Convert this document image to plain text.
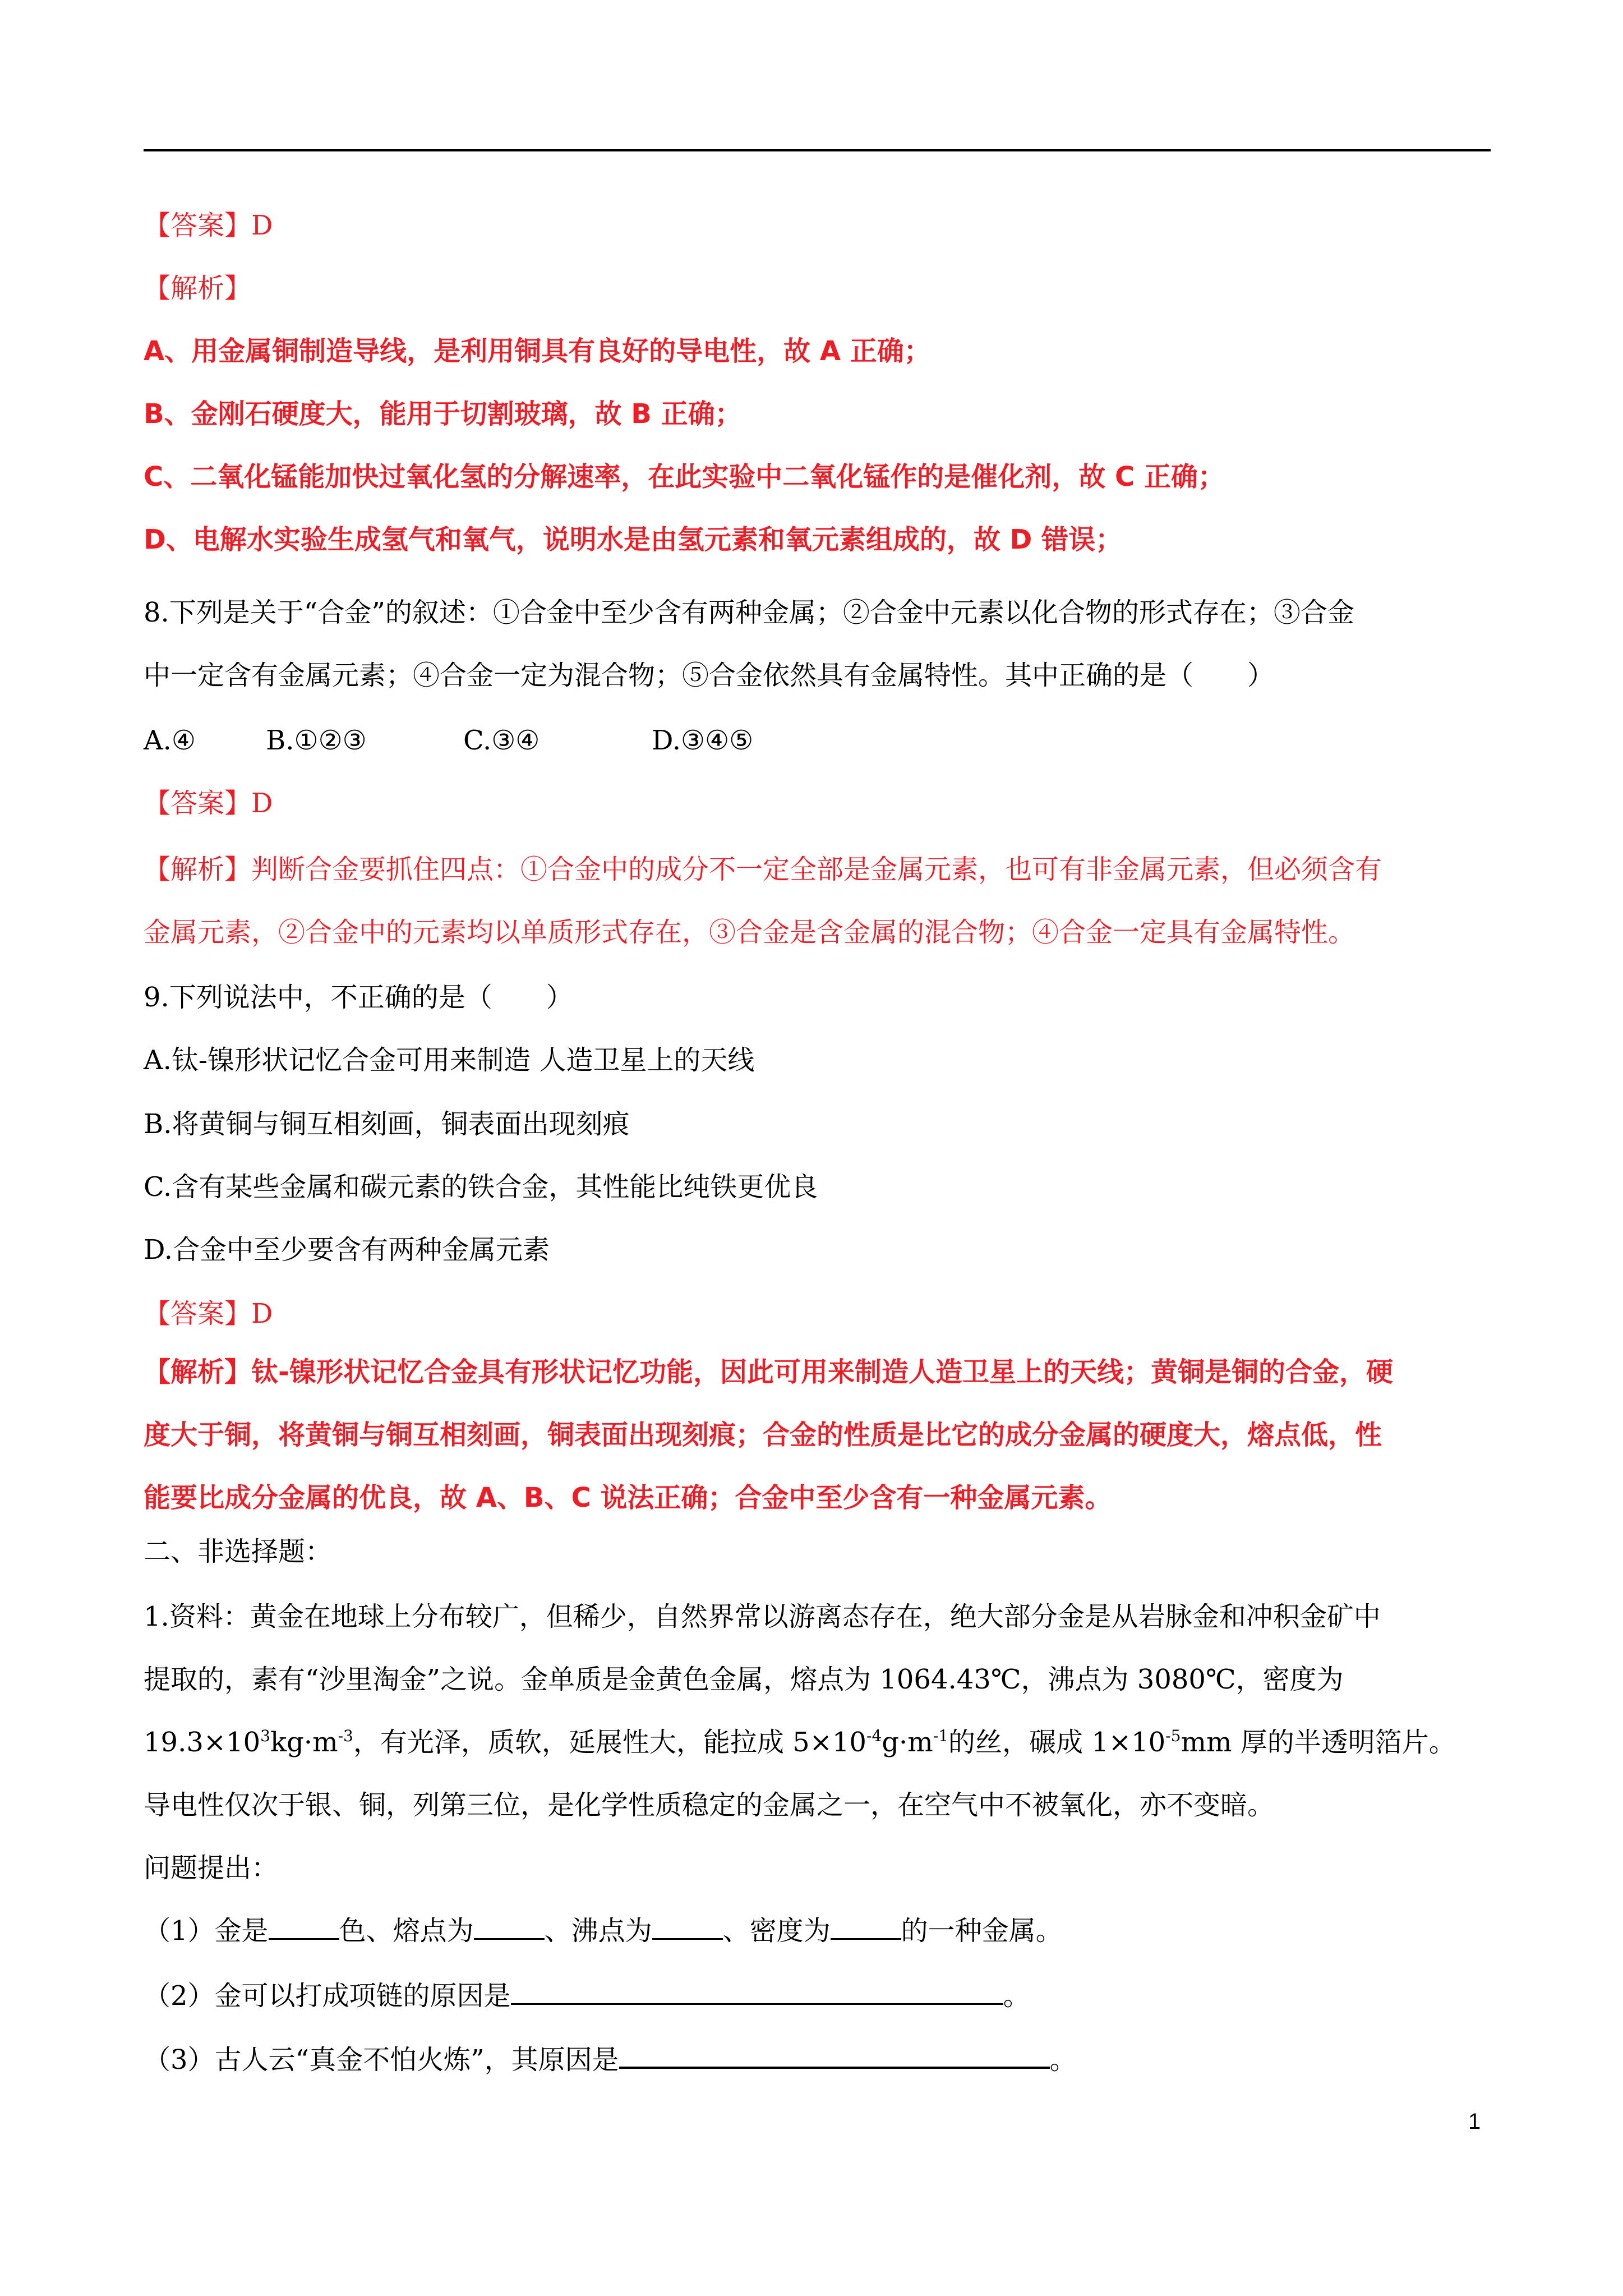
【答案】D
【解析】
A、用金属铜制造导线，是利用铜具有良好的导电性，故 A 正确；
B、金刚石硬度大，能用于切割玻璃，故 B 正确；
C、二氧化锰能加快过氧化氢的分解速率，在此实验中二氧化锰作的是催化剂，故 C 正确；
D、电解水实验生成氢气和氧气，说明水是由氢元素和氧元素组成的，故 D 错误；
8.下列是关于“合金”的叙述：①合金中至少含有两种金属；②合金中元素以化合物的形式存在；③合金
中一定含有金属元素；④合金一定为混合物；⑤合金依然具有金属特性。其中正确的是（　　）
A.④	B.①②③	C.③④	D.③④⑤
【答案】D
【解析】判断合金要抓住四点：①合金中的成分不一定全部是金属元素，也可有非金属元素，但必须含有
金属元素，②合金中的元素均以单质形式存在，③合金是含金属的混合物；④合金一定具有金属特性。
9.下列说法中，不正确的是（　　）
A.钛-镍形状记忆合金可用来制造 人造卫星上的天线
B.将黄铜与铜互相刻画，铜表面出现刻痕
C.含有某些金属和碳元素的铁合金，其性能比纯铁更优良
D.合金中至少要含有两种金属元素
【答案】D
【解析】钛-镍形状记忆合金具有形状记忆功能，因此可用来制造人造卫星上的天线；黄铜是铜的合金，硬
度大于铜，将黄铜与铜互相刻画，铜表面出现刻痕；合金的性质是比它的成分金属的硬度大，熔点低，性
能要比成分金属的优良，故 A、B、C 说法正确；合金中至少含有一种金属元素。
二、非选择题：
1.资料：黄金在地球上分布较广，但稀少，自然界常以游离态存在，绝大部分金是从岩脉金和冲积金矿中
提取的，素有“沙里淘金”之说。金单质是金黄色金属，熔点为 1064.43℃，沸点为 3080℃，密度为
$19.3\times 10^3kg\cdot m^{-3}$，有光泽，质软，延展性大，能拉成 $5\times 10^{-4}g\cdot m^{-1}$的丝，碾成 $1\times 10^{-5}mm$ 厚的半透明箔片。
导电性仅次于银、铜，列第三位，是化学性质稳定的金属之一，在空气中不被氧化，亦不变暗。
问题提出：
（1）金是	色、熔点为	、沸点为	、密度为	的一种金属。
（2）金可以打成项链的原因是	。
（3）古人云“真金不怕火炼”，其原因是	。
1
